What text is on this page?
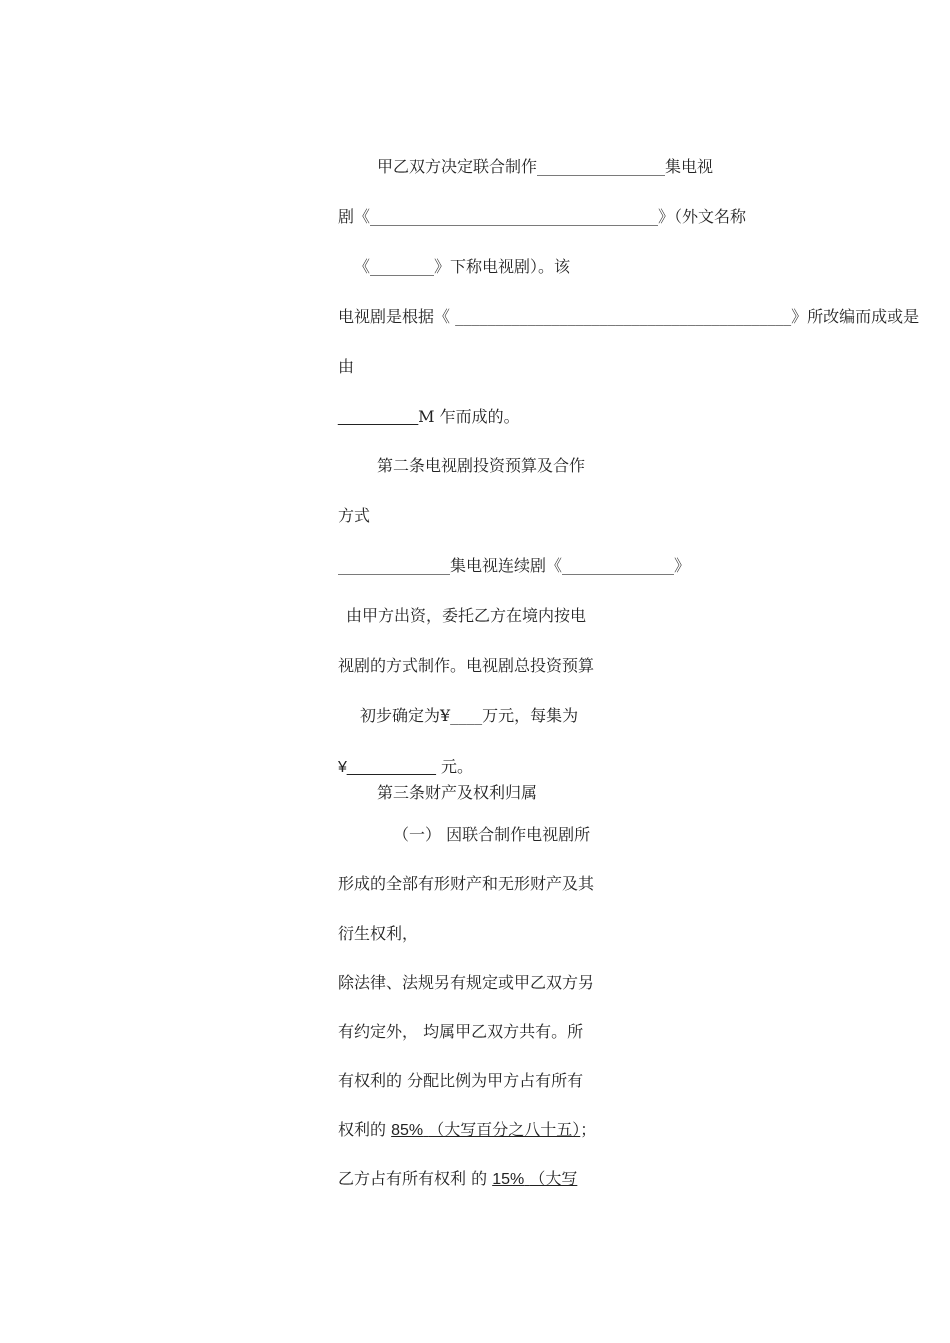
甲乙双方决定联合制作________________集电视
剧《____________________________________》（外文名称
《________》下称电视剧）。该
电视剧是根据《 __________________________________________》所改编而成或是
由
_________M 乍而成的。
第二条电视剧投资预算及合作
方式
______________集电视连续剧《______________》
由甲方出资，委托乙方在境内按电
视剧的方式制作。电视剧总投资预算
初步确定为¥____万元，每集为
¥__________ 元。
第三条财产及权利归属
（一） 因联合制作电视剧所
形成的全部有形财产和无形财产及其
衍生权利，
除法律、法规另有规定或甲乙双方另
有约定外， 均属甲乙双方共有。所
有权利的 分配比例为甲方占有所有
权利的 85% （大写百分之八十五）；
乙方占有所有权利 的 15% （大写
